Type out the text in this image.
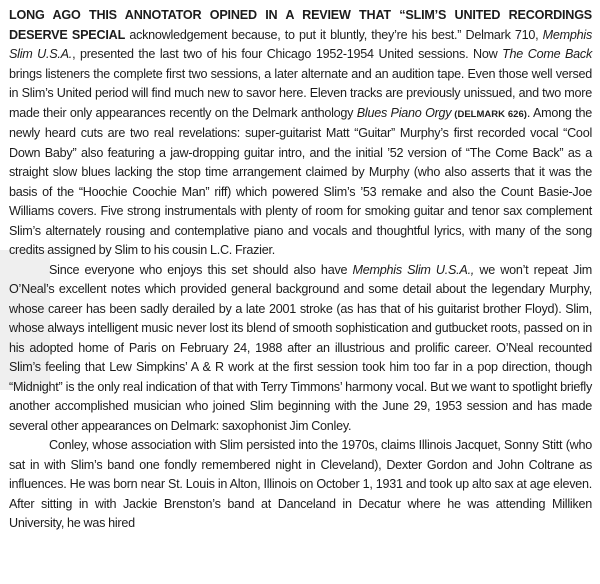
LONG AGO THIS ANNOTATOR OPINED IN A REVIEW THAT “SLIM’S UNITED RECORDINGS DESERVE SPECIAL acknowledgement because, to put it bluntly, they’re his best.” Delmark 710, Memphis Slim U.S.A., presented the last two of his four Chicago 1952-1954 United sessions. Now The Come Back brings listeners the complete first two sessions, a later alternate and an audition tape. Even those well versed in Slim’s United period will find much new to savor here. Eleven tracks are previously unissued, and two more made their only appearances recently on the Delmark anthology Blues Piano Orgy (DELMARK 626). Among the newly heard cuts are two real revelations: super-guitarist Matt “Guitar” Murphy’s first recorded vocal “Cool Down Baby” also featuring a jaw-dropping guitar intro, and the initial ’52 version of “The Come Back” as a straight slow blues lacking the stop time arrangement claimed by Murphy (who also asserts that it was the basis of the “Hoochie Coochie Man” riff) which powered Slim’s ’53 remake and also the Count Basie-Joe Williams covers. Five strong instrumentals with plenty of room for smoking guitar and tenor sax complement Slim’s alternately rousing and contemplative piano and vocals and thoughtful lyrics, with many of the song credits assigned by Slim to his cousin L.C. Frazier.

Since everyone who enjoys this set should also have Memphis Slim U.S.A., we won’t repeat Jim O’Neal’s excellent notes which provided general background and some detail about the legendary Murphy, whose career has been sadly derailed by a late 2001 stroke (as has that of his guitarist brother Floyd). Slim, whose always intelligent music never lost its blend of smooth sophistication and gutbucket roots, passed on in his adopted home of Paris on February 24, 1988 after an illustrious and prolific career. O’Neal recounted Slim’s feeling that Lew Simpkins’ A & R work at the first session took him too far in a pop direction, though “Midnight” is the only real indication of that with Terry Timmons’ harmony vocal. But we want to spotlight briefly another accomplished musician who joined Slim beginning with the June 29, 1953 session and has made several other appearances on Delmark: saxophonist Jim Conley.

Conley, whose association with Slim persisted into the 1970s, claims Illinois Jacquet, Sonny Stitt (who sat in with Slim’s band one fondly remembered night in Cleveland), Dexter Gordon and John Coltrane as influences. He was born near St. Louis in Alton, Illinois on October 1, 1931 and took up alto sax at age eleven. After sitting in with Jackie Brenston’s band at Danceland in Decatur where he was attending Milliken University, he was hired
